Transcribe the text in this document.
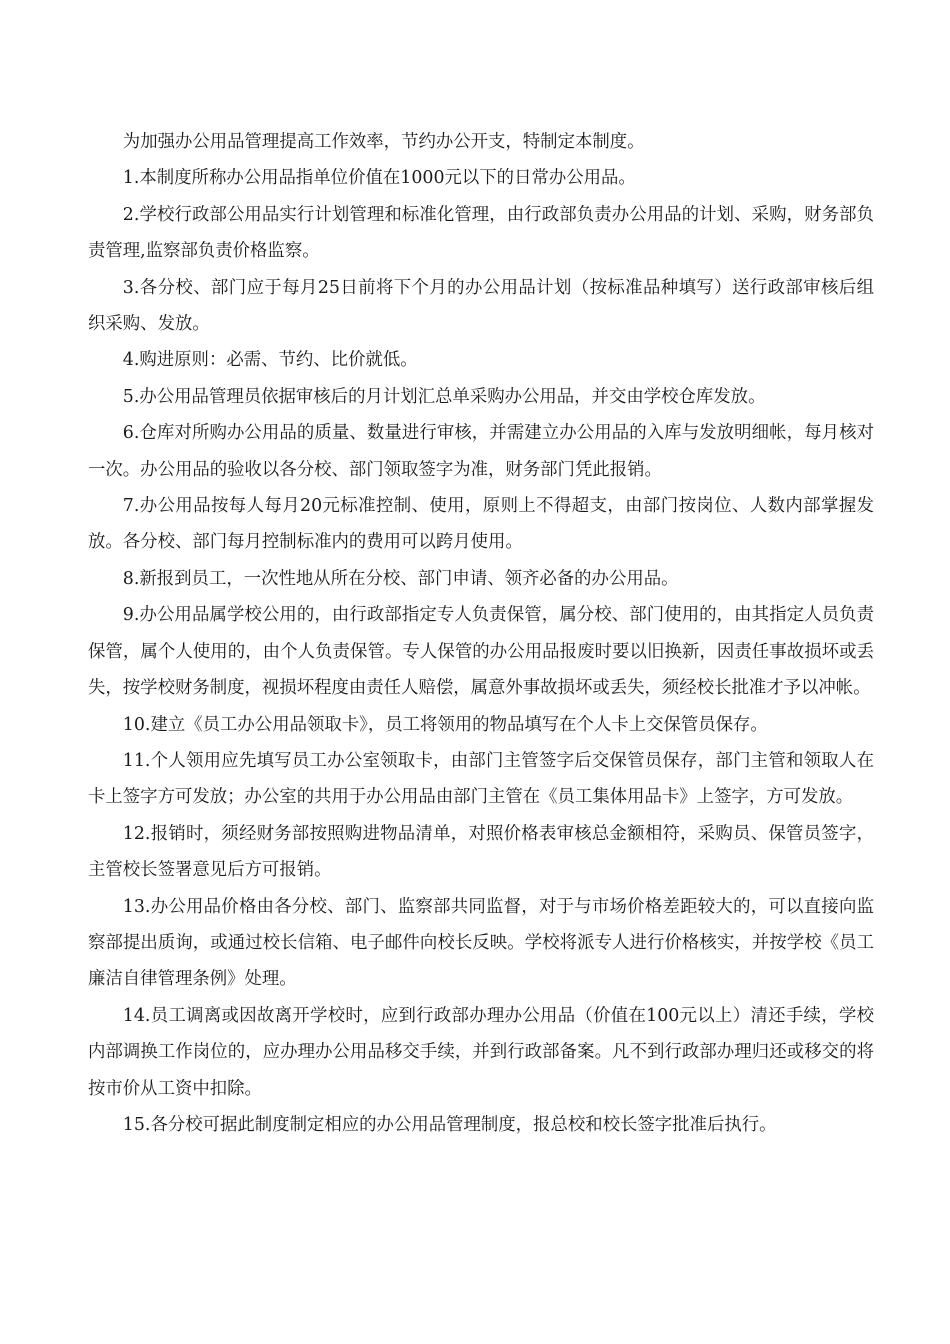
为加强办公用品管理提高工作效率，节约办公开支，特制定本制度。

1.本制度所称办公用品指单位价值在1000元以下的日常办公用品。

2.学校行政部公用品实行计划管理和标准化管理，由行政部负责办公用品的计划、采购，财务部负责管理,监察部负责价格监察。

3.各分校、部门应于每月25日前将下个月的办公用品计划（按标准品种填写）送行政部审核后组织采购、发放。

4.购进原则：必需、节约、比价就低。

5.办公用品管理员依据审核后的月计划汇总单采购办公用品，并交由学校仓库发放。

6.仓库对所购办公用品的质量、数量进行审核，并需建立办公用品的入库与发放明细帐，每月核对一次。办公用品的验收以各分校、部门领取签字为准，财务部门凭此报销。

7.办公用品按每人每月20元标准控制、使用，原则上不得超支，由部门按岗位、人数内部掌握发放。各分校、部门每月控制标准内的费用可以跨月使用。

8.新报到员工，一次性地从所在分校、部门申请、领齐必备的办公用品。

9.办公用品属学校公用的，由行政部指定专人负责保管，属分校、部门使用的，由其指定人员负责保管，属个人使用的，由个人负责保管。专人保管的办公用品报废时要以旧换新，因责任事故损坏或丢失，按学校财务制度，视损坏程度由责任人赔偿，属意外事故损坏或丢失，须经校长批准才予以冲帐。

10.建立《员工办公用品领取卡》，员工将领用的物品填写在个人卡上交保管员保存。

11.个人领用应先填写员工办公室领取卡，由部门主管签字后交保管员保存，部门主管和领取人在卡上签字方可发放；办公室的共用于办公用品由部门主管在《员工集体用品卡》上签字，方可发放。

12.报销时，须经财务部按照购进物品清单，对照价格表审核总金额相符，采购员、保管员签字，主管校长签署意见后方可报销。

13.办公用品价格由各分校、部门、监察部共同监督，对于与市场价格差距较大的，可以直接向监察部提出质询，或通过校长信箱、电子邮件向校长反映。学校将派专人进行价格核实，并按学校《员工廉洁自律管理条例》处理。

14.员工调离或因故离开学校时，应到行政部办理办公用品（价值在100元以上）清还手续，学校内部调换工作岗位的，应办理办公用品移交手续，并到行政部备案。凡不到行政部办理归还或移交的将按市价从工资中扣除。

15.各分校可据此制度制定相应的办公用品管理制度，报总校和校长签字批准后执行。
